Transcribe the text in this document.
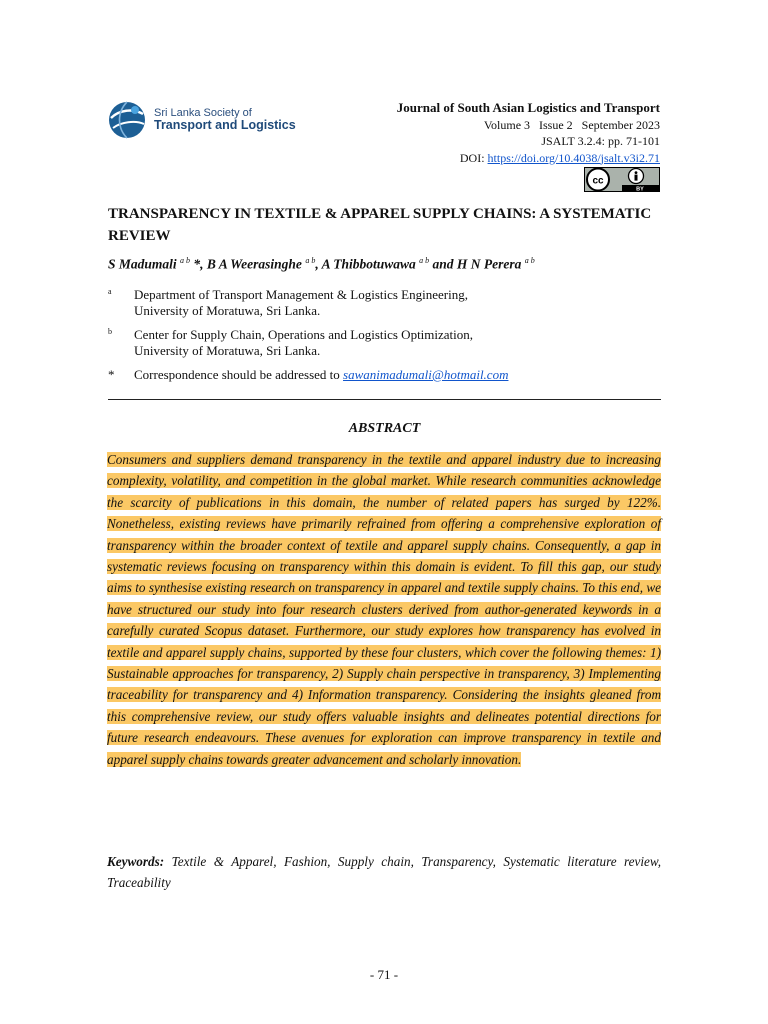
Sri Lanka Society of
Transport and Logistics
Journal of South Asian Logistics and Transport
Volume 3   Issue 2   September 2023
JSALT 3.2.4: pp. 71-101
DOI: https://doi.org/10.4038/jsalt.v3i2.71
cc
BY
TRANSPARENCY IN TEXTILE & APPAREL SUPPLY CHAINS: A SYSTEMATIC REVIEW
S Madumali $^{a b}$ *, B A Weerasinghe $^{a b}$, A Thibbotuwawa $^{a b}$ and H N Perera $^{a b}$
a Department of Transport Management & Logistics Engineering,
University of Moratuwa, Sri Lanka.
b Center for Supply Chain, Operations and Logistics Optimization,
University of Moratuwa, Sri Lanka.
* Correspondence should be addressed to sawanimadumali@hotmail.com
ABSTRACT
Consumers and suppliers demand transparency in the textile and apparel industry due to increasing complexity, volatility, and competition in the global market. While research communities acknowledge the scarcity of publications in this domain, the number of related papers has surged by 122%. Nonetheless, existing reviews have primarily refrained from offering a comprehensive exploration of transparency within the broader context of textile and apparel supply chains. Consequently, a gap in systematic reviews focusing on transparency within this domain is evident. To fill this gap, our study aims to synthesise existing research on transparency in apparel and textile supply chains. To this end, we have structured our study into four research clusters derived from author-generated keywords in a carefully curated Scopus dataset. Furthermore, our study explores how transparency has evolved in textile and apparel supply chains, supported by these four clusters, which cover the following themes: 1) Sustainable approaches for transparency, 2) Supply chain perspective in transparency, 3) Implementing traceability for transparency and 4) Information transparency. Considering the insights gleaned from this comprehensive review, our study offers valuable insights and delineates potential directions for future research endeavours. These avenues for exploration can improve transparency in textile and apparel supply chains towards greater advancement and scholarly innovation.
Keywords: Textile & Apparel, Fashion, Supply chain, Transparency, Systematic literature review, Traceability
- 71 -
